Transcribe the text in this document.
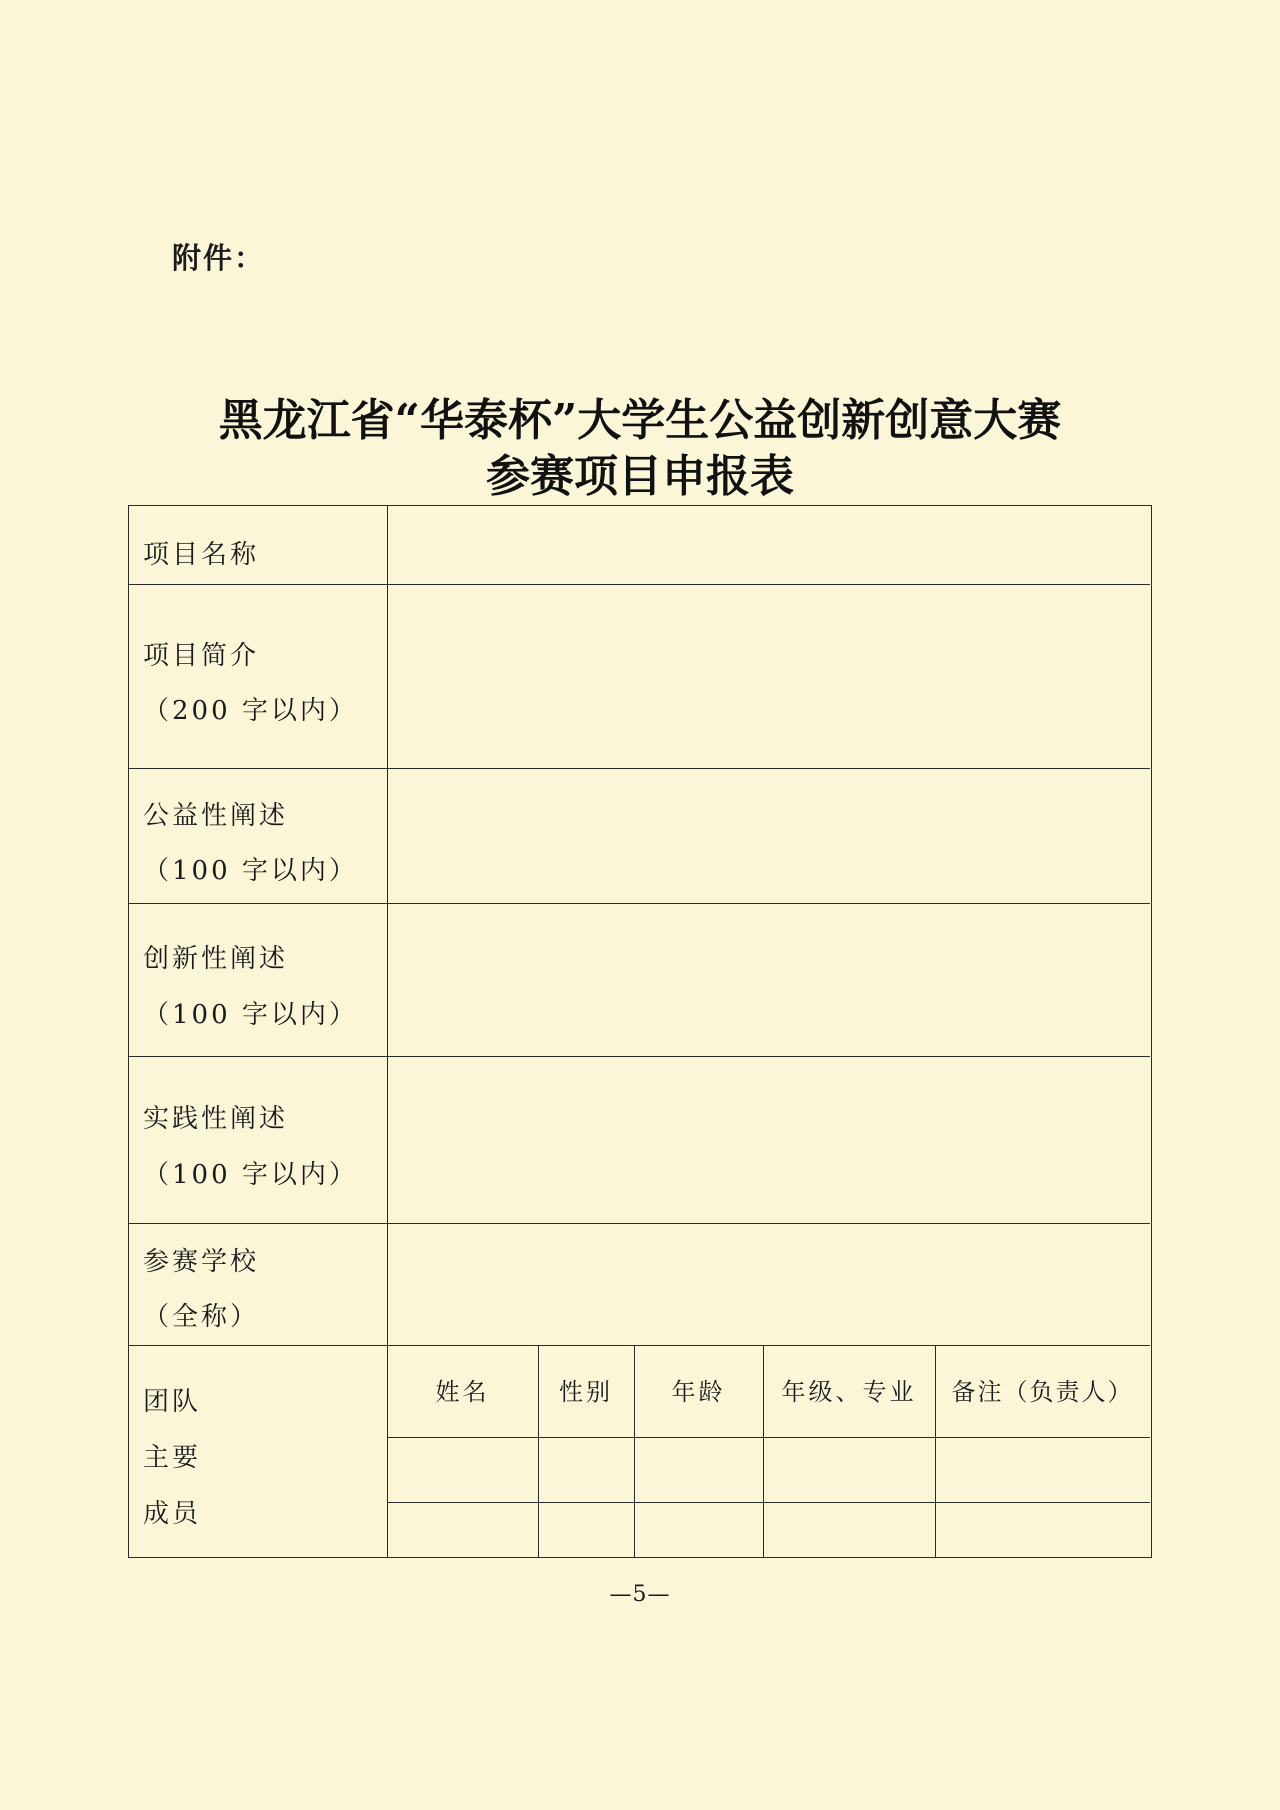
附件：
黑龙江省“华泰杯”大学生公益创新创意大赛
参赛项目申报表
项目名称
项目简介
（200 字以内）
公益性阐述
（100 字以内）
创新性阐述
（100 字以内）
实践性阐述
（100 字以内）
参赛学校
（全称）
团队
主要
成员
姓名	性别	年龄	年级、专业	备注（负责人）
—5—
